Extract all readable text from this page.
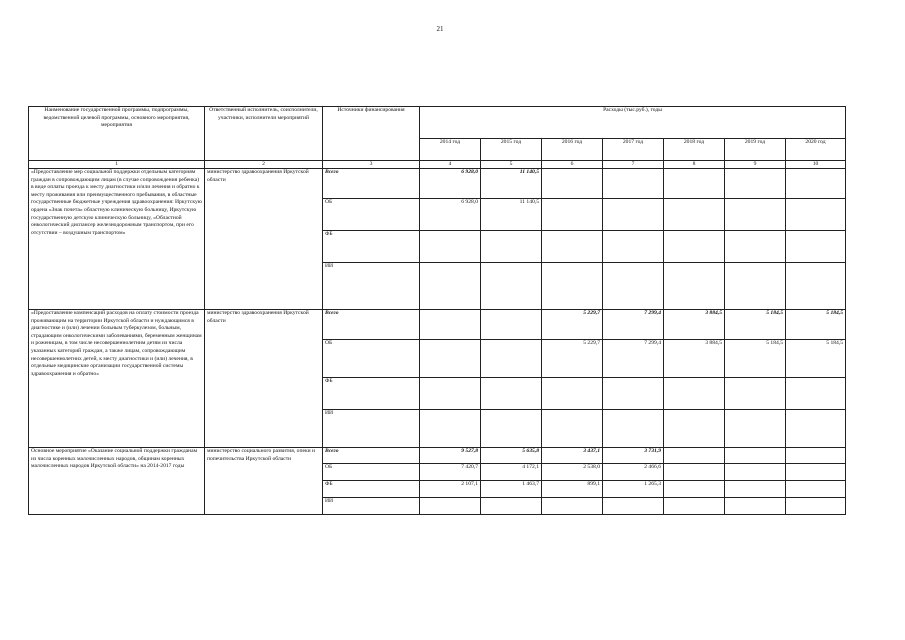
21
Наименование государственной программы, подпрограммы, ведомственной целевой программы, основного мероприятия, мероприятия	Ответственный исполнитель, соисполнители, участники, исполнители мероприятий	Источники финансирования	Расходы (тыс.руб.), годы						
			2014 год	2015 год	2016 год	2017 год	2018 год	2019 год	2020 год
1	2	3	4	5	6	7	8	9	10
«Предоставление мер социальной поддержки отдельным категориям граждан в сопровождающим лицам (в случае сопровождения ребенка) в виде оплаты проезда к месту диагностики и/или лечения и обратно к месту проживания или преимущественного пребывания, в областные государственные бюджетные учреждения здравоохранения: Иркутскую ордена «Знак почета» областную клиническую больницу, Иркутскую государственную детскую клиническую больницу, «Областной онкологический диспансер железнодорожным транспортом, при его отсутствии – воздушным транспортом»	министерство здравоохранения Иркутской области	Всего	6 928,0	11 140,5					
		ОБ	6 928,0	11 140,5					
		ФБ							
		ИИ							
«Предоставление компенсаций расходов на оплату стоимости проезда проживающим на территории Иркутской области и нуждающимся в диагностике и (или) лечении больным туберкулезом, больным, страдающим онкологическими заболеваниями, беременным женщинам и роженицам, в том числе несовершеннолетним детям из числа указанных категорий граждан, а также лицам, сопровождающим несовершеннолетних детей, к месту диагностики и (или) лечения, в отдельные медицинские организации государственной системы здравоохранения и обратно»	министерство здравоохранения Иркутской области	Всего			5 229,7	7 299,4	3 884,5	5 184,5	5 184,5
		ОБ			5 229,7	7 299,4	3 884,5	5 184,5	5 184,5
		ФБ							
		ИИ							
Основное мероприятие «Оказание социальной поддержки гражданам из числа коренных малочисленных народов, общинам коренных малочисленных народов Иркутской области» на 2014-2017 годы	министерство социального развития, опеки и попечительства Иркутской области	Всего	9 527,8	5 635,8	3 437,1	3 731,9			
		ОБ	7 420,7	4 172,1	2 538,0	2 466,6			
		ФБ	2 107,1	1 463,7	899,1	1 265,3			
		ИИ							
